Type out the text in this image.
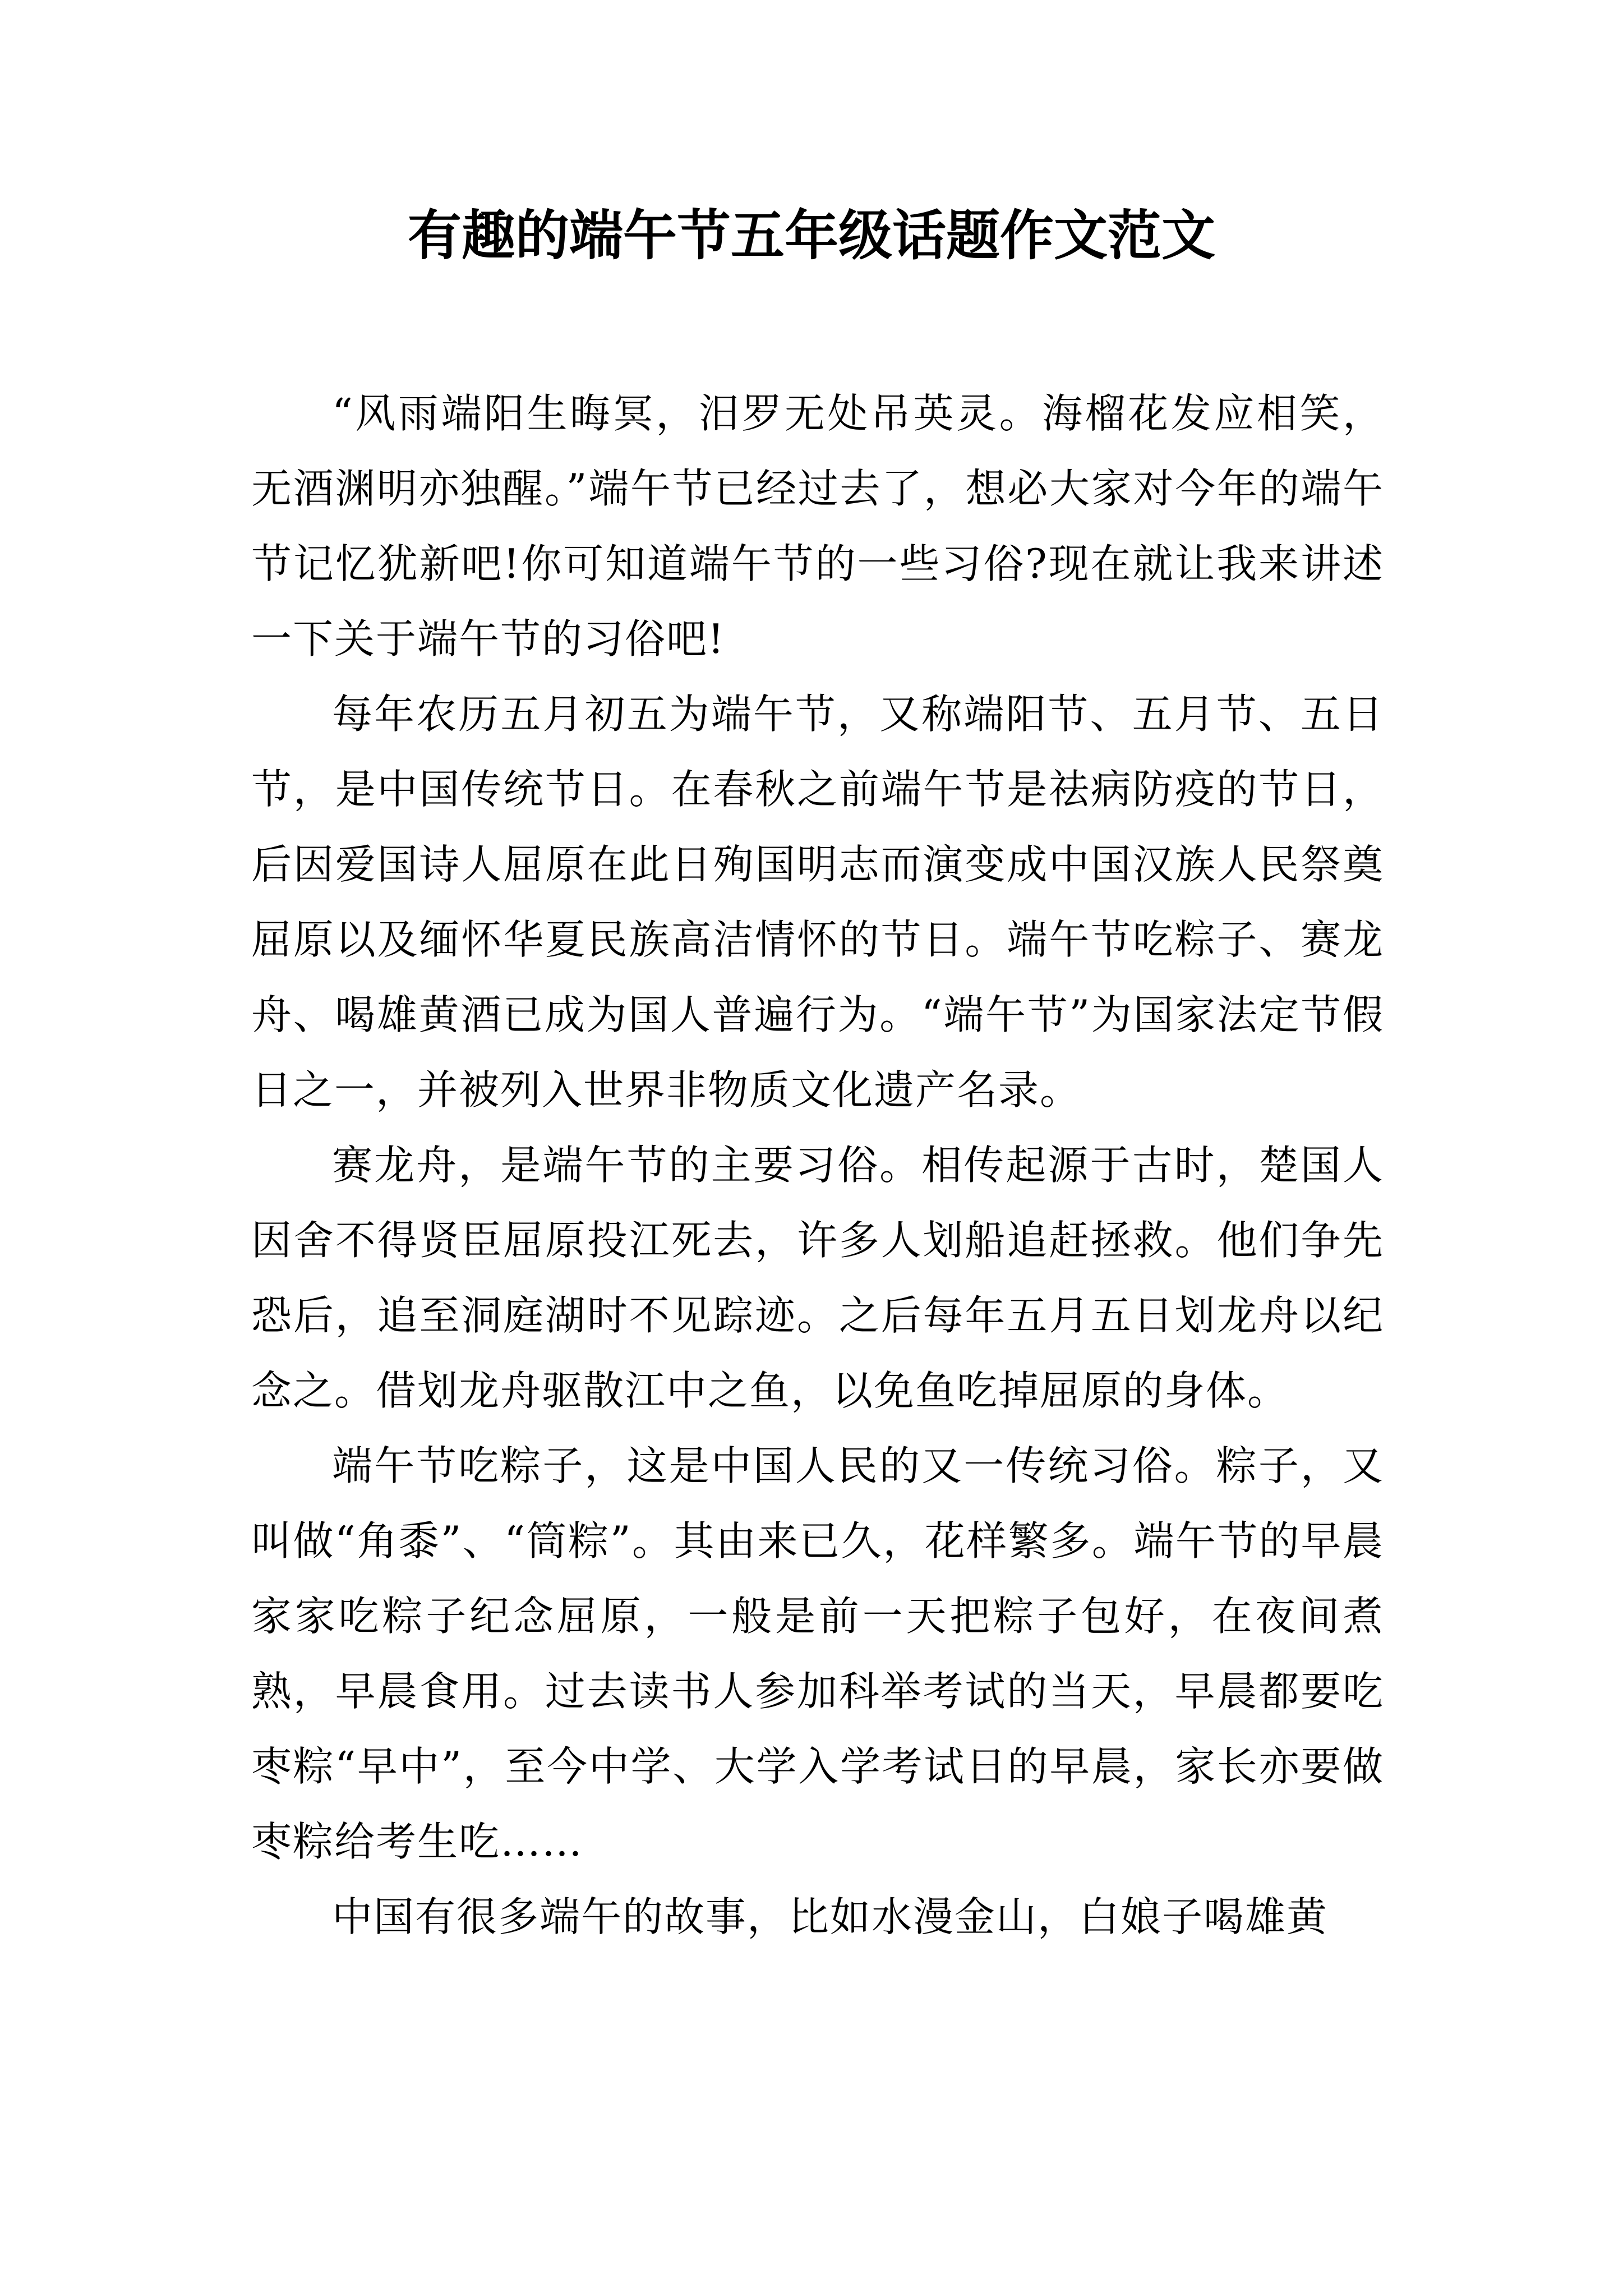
有趣的端午节五年级话题作文范文

“风雨端阳生晦冥，汨罗无处吊英灵。海榴花发应相笑，无酒渊明亦独醒。”端午节已经过去了，想必大家对今年的端午节记忆犹新吧!你可知道端午节的一些习俗?现在就让我来讲述一下关于端午节的习俗吧!

每年农历五月初五为端午节，又称端阳节、五月节、五日节，是中国传统节日。在春秋之前端午节是祛病防疫的节日，后因爱国诗人屈原在此日殉国明志而演变成中国汉族人民祭奠屈原以及缅怀华夏民族高洁情怀的节日。端午节吃粽子、赛龙舟、喝雄黄酒已成为国人普遍行为。“端午节”为国家法定节假日之一，并被列入世界非物质文化遗产名录。

赛龙舟，是端午节的主要习俗。相传起源于古时，楚国人因舍不得贤臣屈原投江死去，许多人划船追赶拯救。他们争先恐后，追至洞庭湖时不见踪迹。之后每年五月五日划龙舟以纪念之。借划龙舟驱散江中之鱼，以免鱼吃掉屈原的身体。

端午节吃粽子，这是中国人民的又一传统习俗。粽子，又叫做“角黍”、“筒粽”。其由来已久，花样繁多。端午节的早晨家家吃粽子纪念屈原，一般是前一天把粽子包好，在夜间煮熟，早晨食用。过去读书人参加科举考试的当天，早晨都要吃枣粽“早中”，至今中学、大学入学考试日的早晨，家长亦要做枣粽给考生吃……

中国有很多端午的故事，比如水漫金山，白娘子喝雄黄
